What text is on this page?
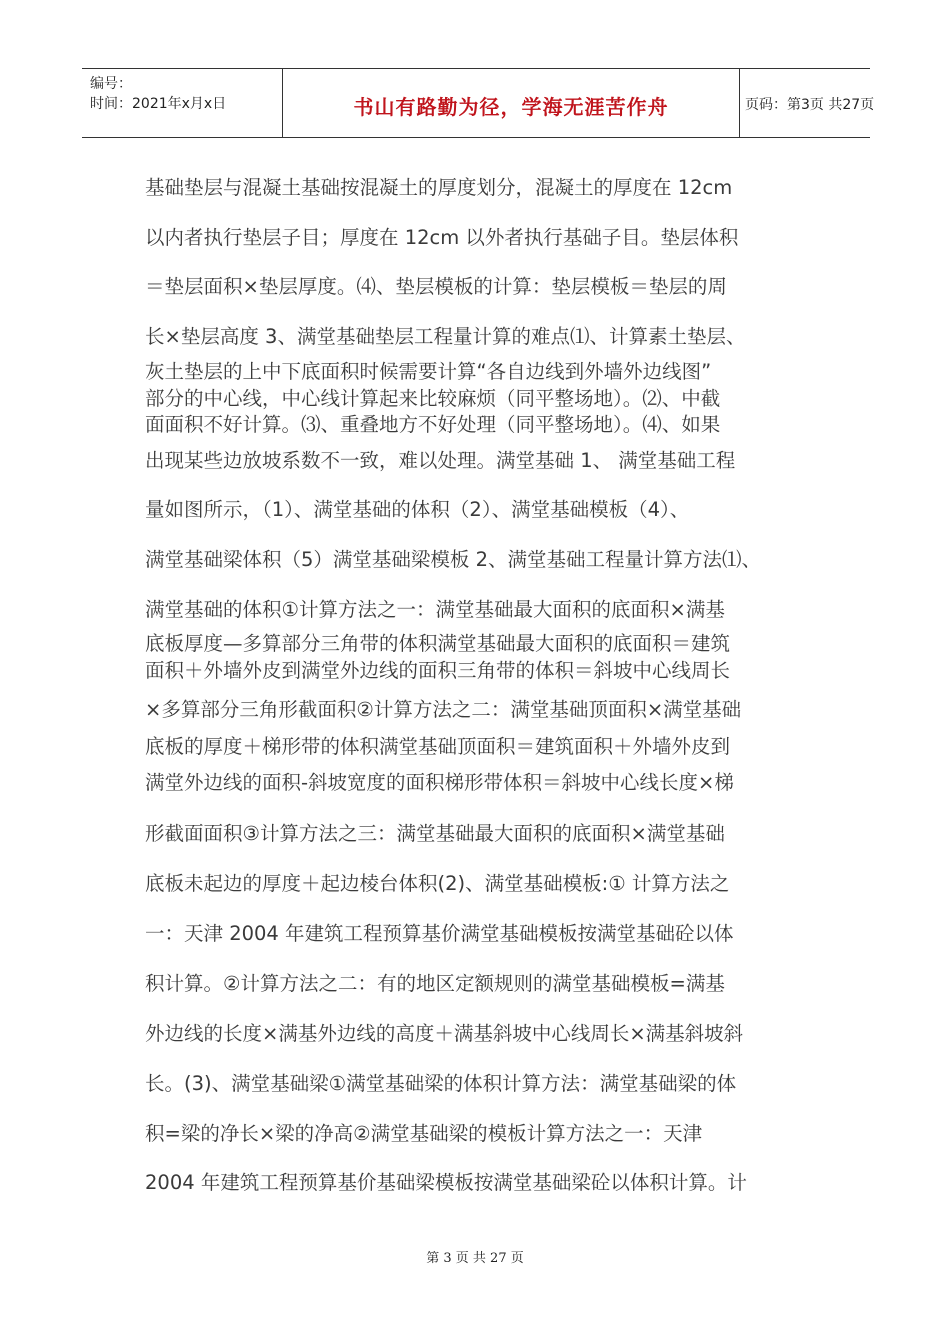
编号：
时间：2021年x月x日	书山有路勤为径，学海无涯苦作舟	页码：第3页 共27页
基础垫层与混凝土基础按混凝土的厚度划分，混凝土的厚度在 12cm
以内者执行垫层子目；厚度在 12cm 以外者执行基础子目。垫层体积
＝垫层面积×垫层厚度。⑷、垫层模板的计算：垫层模板＝垫层的周
长×垫层高度 3、满堂基础垫层工程量计算的难点⑴、计算素土垫层、
灰土垫层的上中下底面积时候需要计算“各自边线到外墙外边线图”
部分的中心线，中心线计算起来比较麻烦（同平整场地）。⑵、中截
面面积不好计算。⑶、重叠地方不好处理（同平整场地）。⑷、如果
出现某些边放坡系数不一致，难以处理。满堂基础 1、 满堂基础工程
量如图所示，（1）、满堂基础的体积（2）、满堂基础模板（4）、
满堂基础梁体积（5）满堂基础梁模板 2、满堂基础工程量计算方法⑴、
满堂基础的体积①计算方法之一：满堂基础最大面积的底面积×满基
底板厚度—多算部分三角带的体积满堂基础最大面积的底面积＝建筑
面积＋外墙外皮到满堂外边线的面积三角带的体积＝斜坡中心线周长
×多算部分三角形截面积②计算方法之二：满堂基础顶面积×满堂基础
底板的厚度＋梯形带的体积满堂基础顶面积＝建筑面积＋外墙外皮到
满堂外边线的面积-斜坡宽度的面积梯形带体积＝斜坡中心线长度×梯
形截面面积③计算方法之三：满堂基础最大面积的底面积×满堂基础
底板未起边的厚度＋起边棱台体积(2)、满堂基础模板:① 计算方法之
一：天津 2004 年建筑工程预算基价满堂基础模板按满堂基础砼以体
积计算。②计算方法之二：有的地区定额规则的满堂基础模板=满基
外边线的长度×满基外边线的高度＋满基斜坡中心线周长×满基斜坡斜
长。(3)、满堂基础梁①满堂基础梁的体积计算方法：满堂基础梁的体
积=梁的净长×梁的净高②满堂基础梁的模板计算方法之一：天津
2004 年建筑工程预算基价基础梁模板按满堂基础梁砼以体积计算。计
第 3 页 共 27 页
